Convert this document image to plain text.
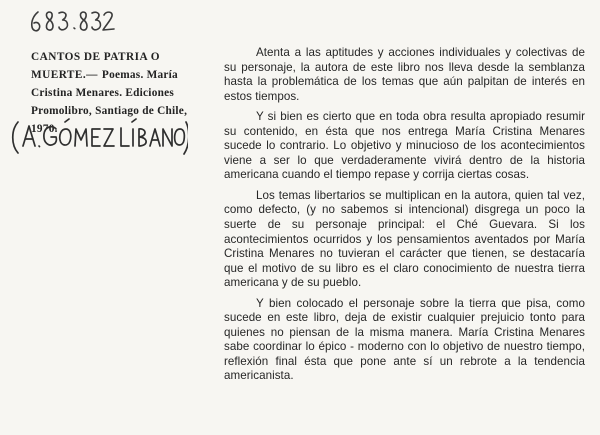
CANTOS DE PATRIA O MUERTE.— Poemas. María Cristina Menares. Ediciones Promolibro, Santiago de Chile, 1970.

Atenta a las aptitudes y acciones individuales y colectivas de su personaje, la autora de este libro nos lleva desde la semblanza hasta la problemática de los temas que aún palpitan de interés en estos tiempos.

Y si bien es cierto que en toda obra resulta apropiado resumir su contenido, en ésta que nos entrega María Cristina Menares sucede lo contrario. Lo objetivo y minucioso de los acontecimientos viene a ser lo que verdaderamente vivirá dentro de la historia americana cuando el tiempo repase y corrija ciertas cosas.

Los temas libertarios se multiplican en la autora, quien tal vez, como defecto, (y no sabemos si intencional) disgrega un poco la suerte de su personaje principal: el Ché Guevara. Si los acontecimientos ocurridos y los pensamientos aventados por María Cristina Menares no tuvieran el carácter que tienen, se destacaría que el motivo de su libro es el claro conocimiento de nuestra tierra americana y de su pueblo.

Y bien colocado el personaje sobre la tierra que pisa, como sucede en este libro, deja de existir cualquier prejuicio tonto para quienes no piensan de la misma manera. María Cristina Menares sabe coordinar lo épico - moderno con lo objetivo de nuestro tiempo, reflexión final ésta que pone ante sí un rebrote a la tendencia americanista.
